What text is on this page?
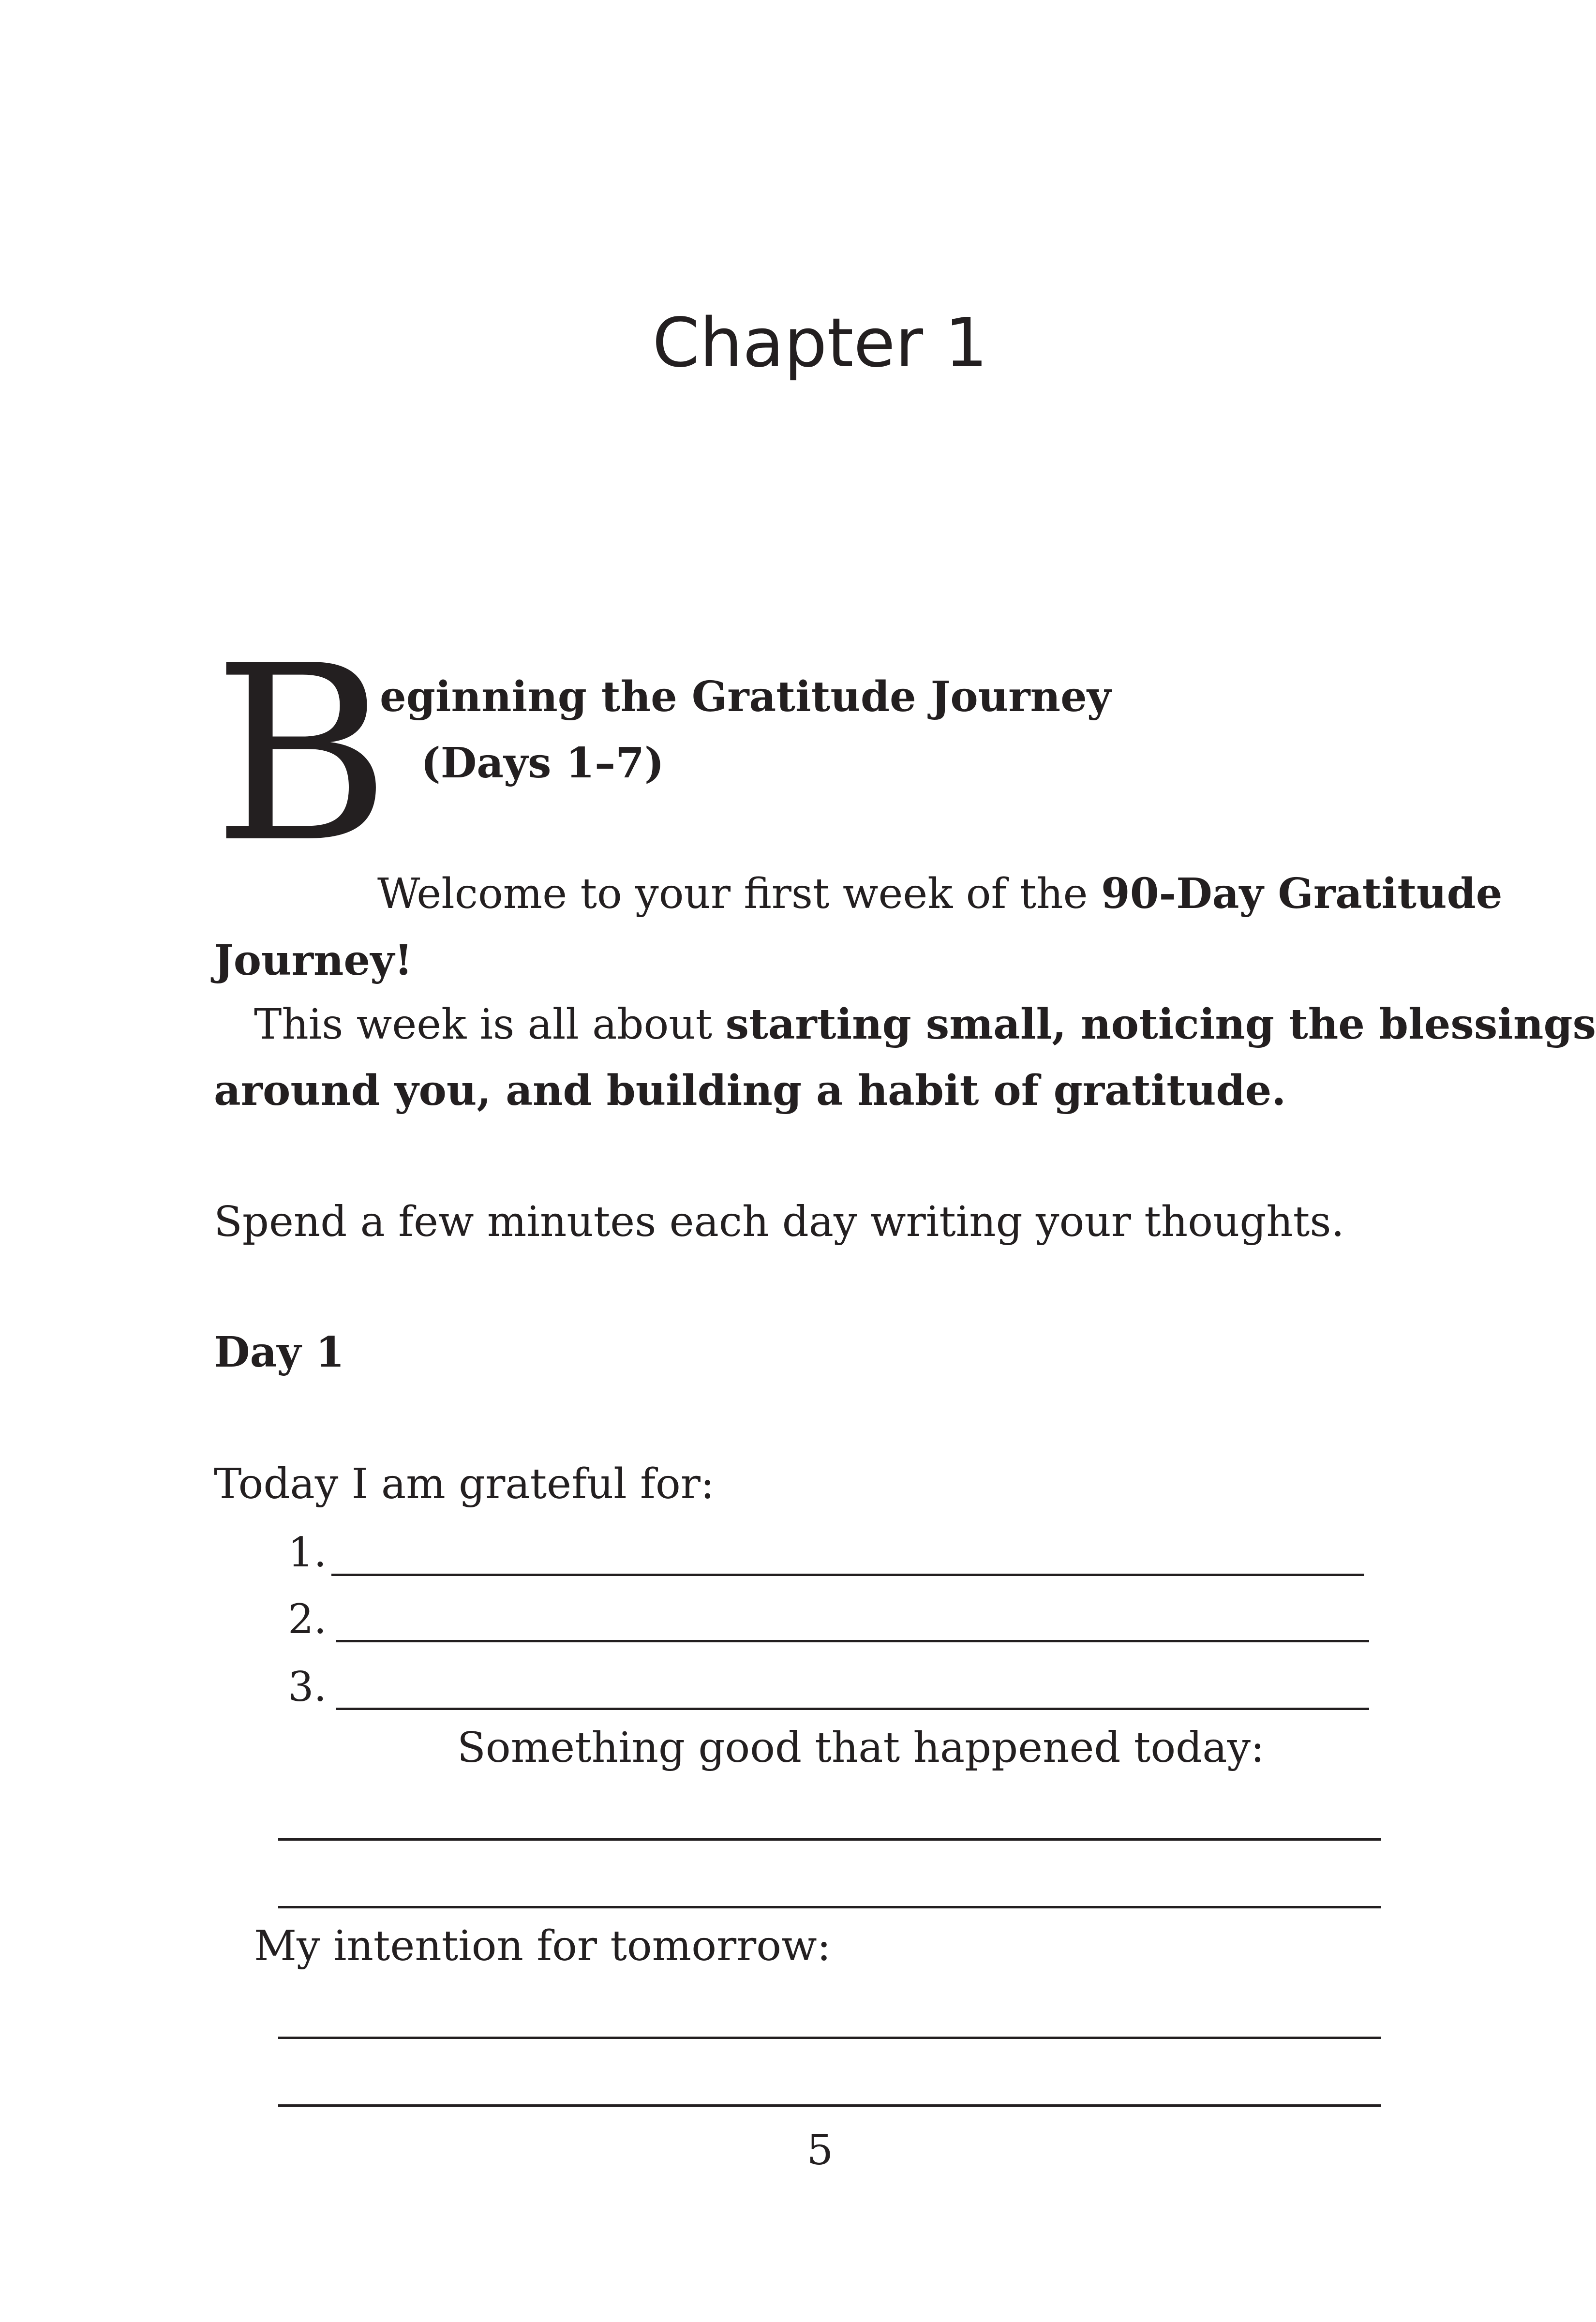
Chapter 1
B
eginning the Gratitude Journey
(Days 1–7)
Welcome to your first week of the 90-Day Gratitude
Journey!
This week is all about starting small, noticing the blessings
around you, and building a habit of gratitude.
Spend a few minutes each day writing your thoughts.
Day 1
Today I am grateful for:
1.
2.
3.
Something good that happened today:
My intention for tomorrow:
5
